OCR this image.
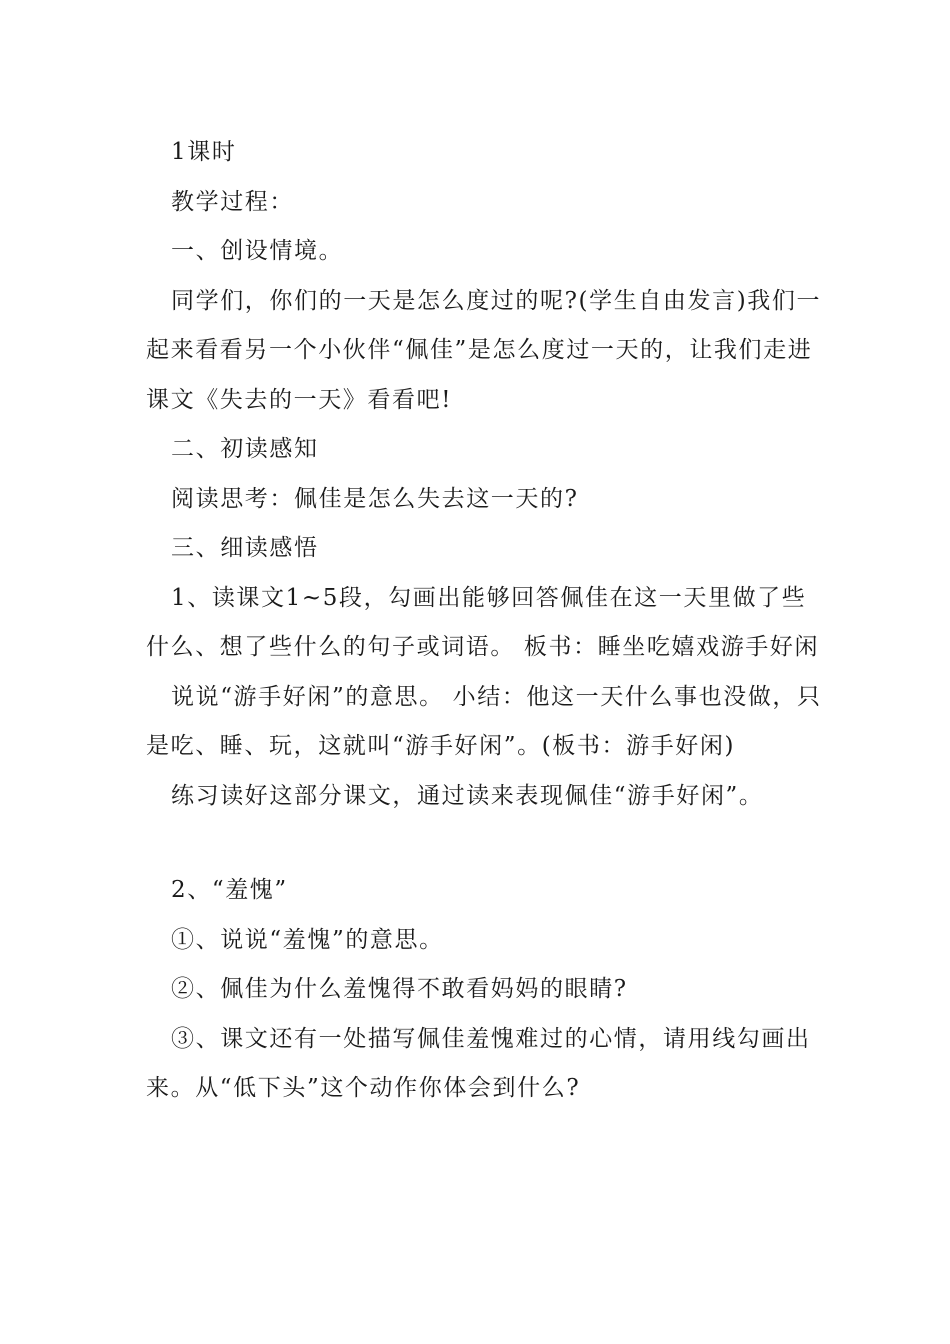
1课时

教学过程：

一、创设情境。

同学们，你们的一天是怎么度过的呢?(学生自由发言)我们一起来看看另一个小伙伴“佩佳”是怎么度过一天的，让我们走进课文《失去的一天》看看吧!

二、初读感知

阅读思考：佩佳是怎么失去这一天的?

三、细读感悟

1、读课文1~5段，勾画出能够回答佩佳在这一天里做了些什么、想了些什么的句子或词语。 板书：睡坐吃嬉戏游手好闲

说说“游手好闲”的意思。 小结：他这一天什么事也没做，只是吃、睡、玩，这就叫“游手好闲”。(板书：游手好闲)

练习读好这部分课文，通过读来表现佩佳“游手好闲”。

2、“羞愧”

①、说说“羞愧”的意思。

②、佩佳为什么羞愧得不敢看妈妈的眼睛?

③、课文还有一处描写佩佳羞愧难过的心情，请用线勾画出来。从“低下头”这个动作你体会到什么?
